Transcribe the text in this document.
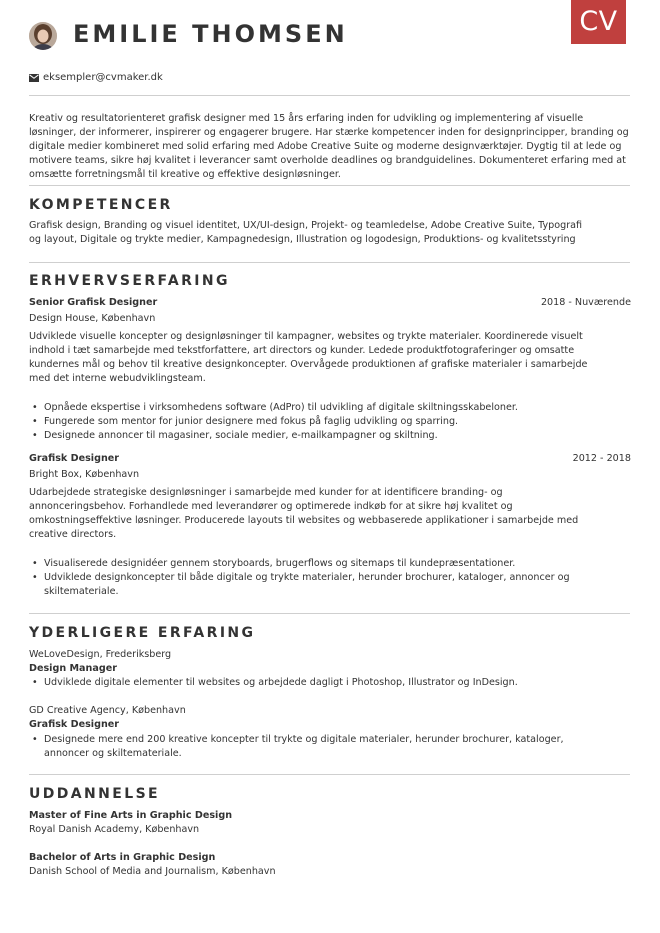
CV
EMILIE THOMSEN
eksempler@cvmaker.dk
Kreativ og resultatorienteret grafisk designer med 15 års erfaring inden for udvikling og implementering af visuelle løsninger, der informerer, inspirerer og engagerer brugere. Har stærke kompetencer inden for designprincipper, branding og digitale medier kombineret med solid erfaring med Adobe Creative Suite og moderne designværktøjer. Dygtig til at lede og motivere teams, sikre høj kvalitet i leverancer samt overholde deadlines og brandguidelines. Dokumenteret erfaring med at omsætte forretningsmål til kreative og effektive designløsninger.
KOMPETENCER
Grafisk design, Branding og visuel identitet, UX/UI-design, Projekt- og teamledelse, Adobe Creative Suite, Typografi
og layout, Digitale og trykte medier, Kampagnedesign, Illustration og logodesign, Produktions- og kvalitetsstyring
ERHVERVSERFARING
Senior Grafisk Designer	2018 - Nuværende
Design House, København
Udviklede visuelle koncepter og designløsninger til kampagner, websites og trykte materialer. Koordinerede visuelt
indhold i tæt samarbejde med tekstforfattere, art directors og kunder. Ledede produktfotograferinger og omsatte
kundernes mål og behov til kreative designkoncepter. Overvågede produktionen af grafiske materialer i samarbejde
med det interne webudviklingsteam.
• Opnåede ekspertise i virksomhedens software (AdPro) til udvikling af digitale skiltningsskabeloner.
• Fungerede som mentor for junior designere med fokus på faglig udvikling og sparring.
• Designede annoncer til magasiner, sociale medier, e-mailkampagner og skiltning.
Grafisk Designer	2012 - 2018
Bright Box, København
Udarbejdede strategiske designløsninger i samarbejde med kunder for at identificere branding- og
annonceringsbehov. Forhandlede med leverandører og optimerede indkøb for at sikre høj kvalitet og
omkostningseffektive løsninger. Producerede layouts til websites og webbaserede applikationer i samarbejde med
creative directors.
• Visualiserede designidéer gennem storyboards, brugerflows og sitemaps til kundepræsentationer.
• Udviklede designkoncepter til både digitale og trykte materialer, herunder brochurer, kataloger, annoncer og
skiltemateriale.
YDERLIGERE ERFARING
WeLoveDesign, Frederiksberg
Design Manager
• Udviklede digitale elementer til websites og arbejdede dagligt i Photoshop, Illustrator og InDesign.
GD Creative Agency, København
Grafisk Designer
• Designede mere end 200 kreative koncepter til trykte og digitale materialer, herunder brochurer, kataloger,
annoncer og skiltemateriale.
UDDANNELSE
Master of Fine Arts in Graphic Design
Royal Danish Academy, København
Bachelor of Arts in Graphic Design
Danish School of Media and Journalism, København
